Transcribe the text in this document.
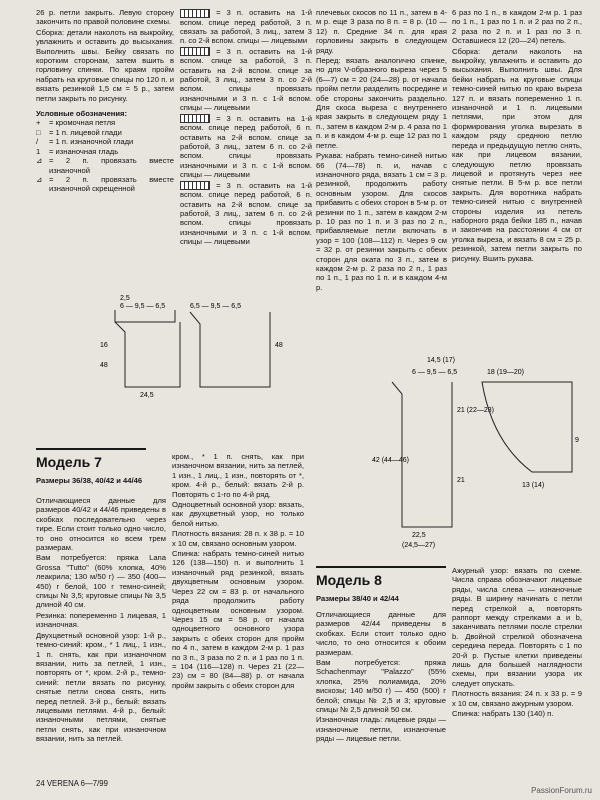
26 р. петли закрыть. Левую сторону закончить по правой половине схемы.

Сборка: детали наколоть на выкройку, увлажнить и оставить до высыхания. Выполнить швы. Бейку связать по коротким сторонам, затем вшить в горловину спинки. По краям пройм набрать на круговые спицы по 120 п. и вязать резинкой 1,5 см = 5 р., затем петли закрыть по рисунку.

Условные обозначения:
+	= кромочная петля
□	= 1 п. лицевой глади
/	= 1 п. изнаночной глади
1	= изнаночная гладь
⊿ = 2 п. провязать вместе изнаночной
⊿ = 2 п. провязать вместе изнаночной скрещенной

= 3 п. оставить на 1-й вспом. спице перед работой, 3 п. связать за работой, 3 лиц., затем 3 п. со 2-й вспом. спицы — лицевыми

= 3 п. оставить на 1-й вспом. спице за работой, 3 п. оставить на 2-й вспом. спице за работой, 3 лиц., затем 3 п. со 2-й вспом. спицы провязать изнаночными и 3 п. с 1-й вспом. спицы — лицевыми

= 3 п. оставить на 1-й вспом. спице перед работой, 6 п. оставить на 2-й вспом. спице за работой, 3 лиц., затем 6 п. со 2-й вспом. спицы провязать изнаночными и 3 п. с 1-й вспом. спицы — лицевыми

= 3 п. оставить на 1-й вспом. спице перед работой, 6 п. оставить на 2-й вспом. спице за работой, 3 лиц., затем 6 п. со 2-й вспом. спицы провязать изнаночными и 3 п. с 1-й вспом. спицы — лицевыми

плечевых скосов по 11 п., затем в 4-м р. еще 3 раза по 8 п. = 8 р. (10 — 12) п. Средние 34 п. для края горловины закрыть в следующем ряду.

Перед: вязать аналогично спинке, но для V-образного выреза через 5 (6—7) см = 20 (24—28) р. от начала пройм петли разделить посредине и обе стороны закончить раздельно. Для скоса выреза с внутреннего края закрыть в следующем ряду 1 п., затем в каждом 2-м р. 4 раза по 1 п. и в каждом 4-м р. еще 12 раз по 1 петле.

Рукава: набрать темно-синей нитью 66 (74—78) п. и, начав с изнаночного ряда, вязать 1 см = 3 р. резинкой, продолжить работу основным узором. Для скосов прибавить с обеих сторон в 5-м р. от резинки по 1 п., затем в каждом 2-м р. 10 раз по 1 п. и 3 раз по 2 п., прибавляемые петли включать в узор = 100 (108—112) п. Через 9 см = 32 р. от резинки закрыть с обеих сторон для оката по 3 п., затем в каждом 2-м р. 2 раза по 2 п., 1 раз по 1 п., 1 раз по 1 п. и в каждом 4-м р.

6 раз по 1 п., в каждом 2-м р. 1 раз по 1 п., 1 раз по 1 п. и 2 раз по 2 п., 2 раза по 2 п. и 1 раз по 3 п. Оставшиеся 12 (20—24) петель.

Сборка: детали наколоть на выкройку, увлажнить и оставить до высыхания. Выполнить швы. Для бейки набрать на круговые спицы темно-синей нитью по краю выреза 127 п. и вязать попеременно 1 п. изнаночной и 1 п. лицевыми петлями, при этом для формирования уголка вырезать в каждом ряду среднюю петлю переда и предыдущую петлю снять, как при лицевом вязании, следующую петлю провязать лицевой и протянуть через нее снятые петли. В 5-м р. все петли закрыть. Для воротника набрать темно-синей нитью с внутренней стороны изделия из петель наборного ряда бейки 185 п., начав и закончив на расстоянии 4 см от уголка выреза, и вязать 8 см = 25 р. резинкой, затем петли закрыть по рисунку. Вшить рукава.

2,5
6 — 9,5 — 6,5
16
48
24,5
6,5 — 9,5 — 6,5
48
14,5 (17)
6 — 9,5 — 6,5
42 (44—46)
21 (22—23)
21
22,5
(24,5—27)
18 (19—20)
9
13 (14)
Модель 7
Размеры 36/38, 40/42 и 44/46

Отличающиеся данные для размеров 40/42 и 44/46 приведены в скобках последовательно через тире. Если стоит только одно число, то оно относится ко всем трем размерам.

Вам потребуется: пряжа Lana Grossa "Tutto" (60% хлопка, 40% лeaкрила; 130 м/50 г) — 350 (400—450) г белой, 100 г темно-синей; спицы № 3,5; круговые спицы № 3,5 длиной 40 см.

Резинка: попеременно 1 лицевая, 1 изнаночная.

Двухцветный основной узор: 1-й р., темно-синий: кром., * 1 лиц., 1 изн., 1 п. снять, как при изнаночном вязании, нить за петлей, 1 изн., повторять от *, кром. 2-й р., темно-синий: петли вязать по рисунку, снятые петли снова снять, нить перед петлей. 3-й р., белый: вязать лицевыми петлями. 4-й р., белый: изнаночными петлями, снятые петли снять, как при изнаночном вязании, нить за петлей.

кром., * 1 п. снять, как при изнаночном вязании, нить за петлей, 1 изн., 1 лиц., 1 изн., повторять от *, кром. 4-й р., белый: вязать 2-й р. Повторять с 1-го по 4-й ряд.

Одноцветный основной узор: вязать, как двухцветный узор, но только белой нитью.

Плотность вязания: 28 п. x 38 р. = 10 x 10 см, связано основным узором.

Спинка: набрать темно-синей нитью 126 (138—150) п. и выполнить 1 изнаночный ряд резинкой, вязать двухцветным основным узором. Через 22 см = 83 р. от начального ряда продолжить работу одноцветным основным узором. Через 15 см = 58 р. от начала одноцветного основного узора закрыть с обеих сторон для пройм по 4 п., затем в каждом 2-м р. 1 раз по 3 п., 3 раза по 2 п. и 1 раз по 1 п. = 104 (116—128) п. Через 21 (22—23) см = 80 (84—88) р. от начала пройм закрыть с обеих сторон для

Модель 8
Размеры 38/40 и 42/44

Отличающиеся данные для размеров 42/44 приведены в скобках. Если стоит только одно число, то оно относится к обоим размерам.

Вам потребуется: пряжа Schachenmayr "Palazzo" (55% хлопка, 25% полиамида, 20% вискозы; 140 м/50 г) — 450 (500) г белой; спицы № 2,5 и 3; круговые спицы № 2,5 длиной 50 см.

Изнаночная гладь: лицевые ряды — изнаночные петли, изнаночные ряды — лицевые петли.

Ажурный узор: вязать по схеме. Числа справа обозначают лицевые ряды, числа слева — изнаночные ряды. В ширину начинать с петли перед стрелкой a, повторять раппорт между стрелками a и b, заканчивать петлями после стрелки b. Двойной стрелкой обозначена середина переда. Повторять с 1 по 20-й р. Пустые клетки приведены лишь для большей наглядности схемы, при вязании узора их следует опускать.

Плотность вязания: 24 п. x 33 р. = 9 x 10 см, связано ажурным узором.

Спинка: набрать 130 (140) п.

24 VERENA 6—7/99
PassionForum.ru
